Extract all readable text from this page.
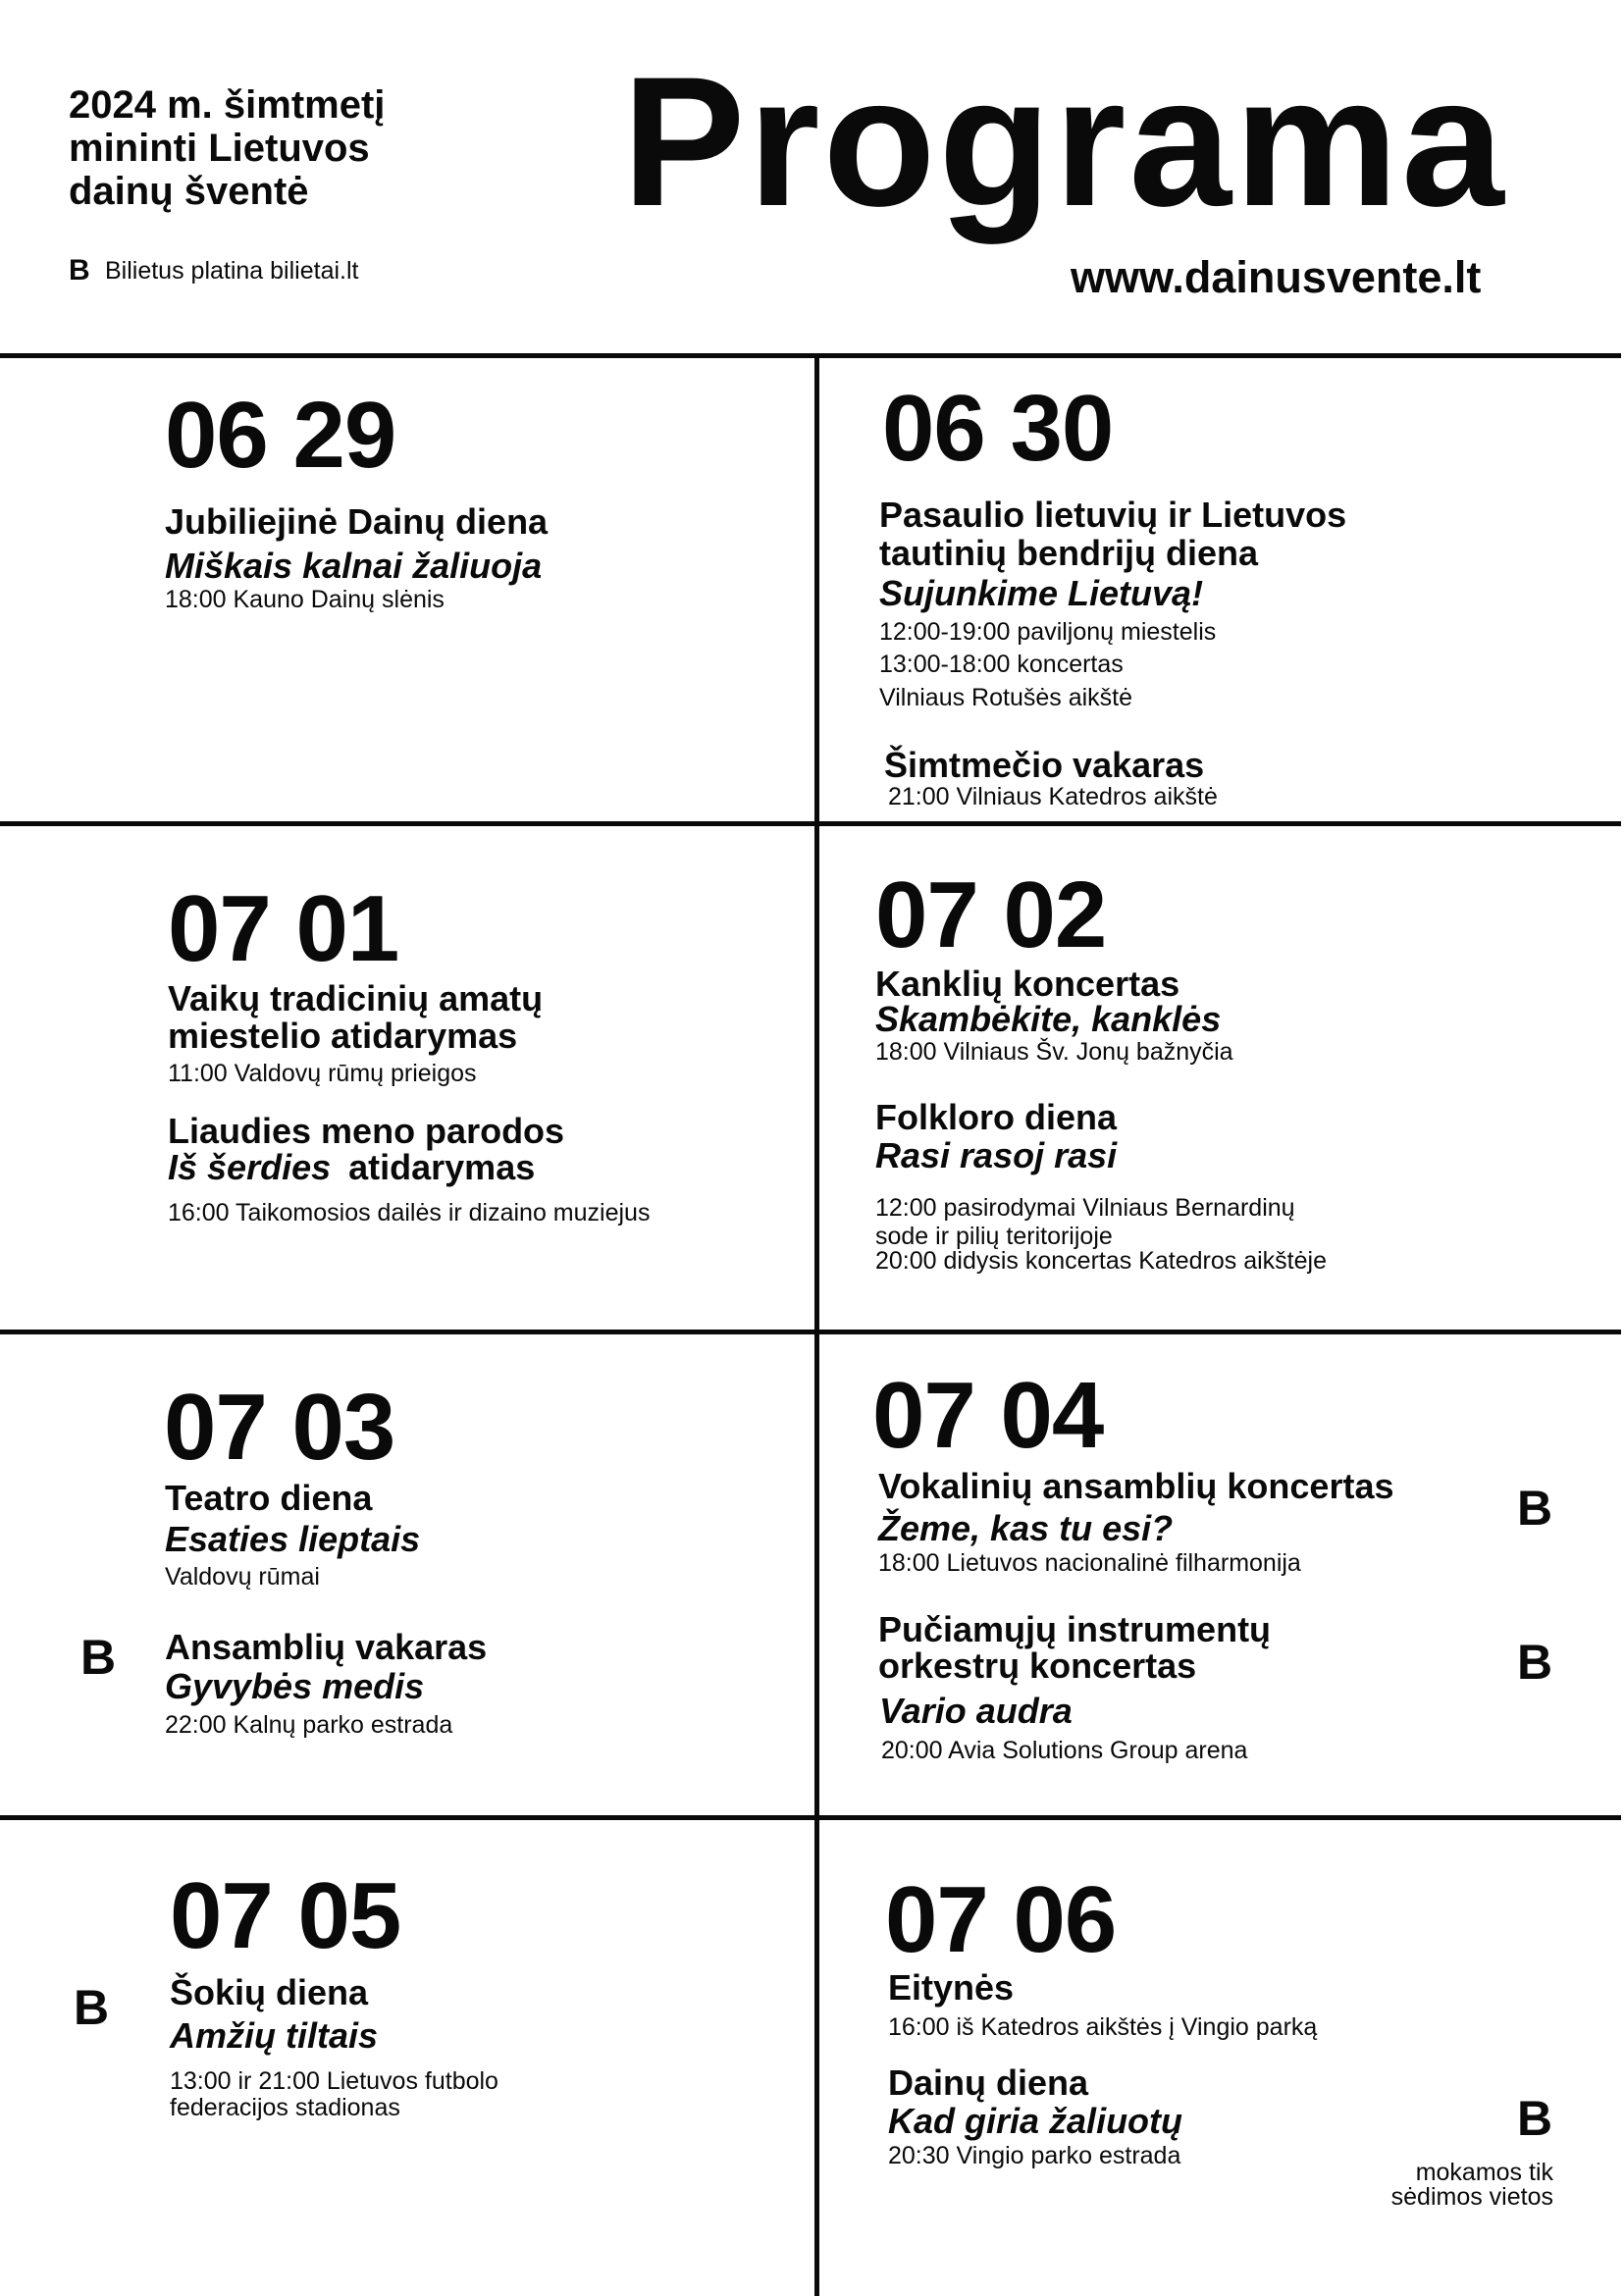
2024 m. šimtmetį
mininti Lietuvos
dainų šventė
B Bilietus platina bilietai.lt
Programa
www.dainusvente.lt
06 29
Jubiliejinė Dainų diena
Miškais kalnai žaliuoja
18:00 Kauno Dainų slėnis
06 30
Pasaulio lietuvių ir Lietuvos
tautinių bendrijų diena
Sujunkime Lietuvą!
12:00-19:00 paviljonų miestelis
13:00-18:00 koncertas
Vilniaus Rotušės aikštė
Šimtmečio vakaras
21:00 Vilniaus Katedros aikštė
07 01
Vaikų tradicinių amatų
miestelio atidarymas
11:00 Valdovų rūmų prieigos
Liaudies meno parodos
Iš šerdies atidarymas
16:00 Taikomosios dailės ir dizaino muziejus
07 02
Kanklių koncertas
Skambėkite, kanklės
18:00 Vilniaus Šv. Jonų bažnyčia
Folkloro diena
Rasi rasoj rasi
12:00 pasirodymai Vilniaus Bernardinų
sode ir pilių teritorijoje
20:00 didysis koncertas Katedros aikštėje
07 03
Teatro diena
Esaties lieptais
Valdovų rūmai
B Ansamblių vakaras
Gyvybės medis
22:00 Kalnų parko estrada
07 04
Vokalinių ansamblių koncertas	B
Žeme, kas tu esi?
18:00 Lietuvos nacionalinė filharmonija
Pučiamųjų instrumentų
orkestrų koncertas	B
Vario audra
20:00 Avia Solutions Group arena
07 05
B Šokių diena
Amžių tiltais
13:00 ir 21:00 Lietuvos futbolo
federacijos stadionas
07 06
Eitynės
16:00 iš Katedros aikštės į Vingio parką
Dainų diena
Kad giria žaliuotų	B
20:30 Vingio parko estrada
mokamos tik
sėdimos vietos
